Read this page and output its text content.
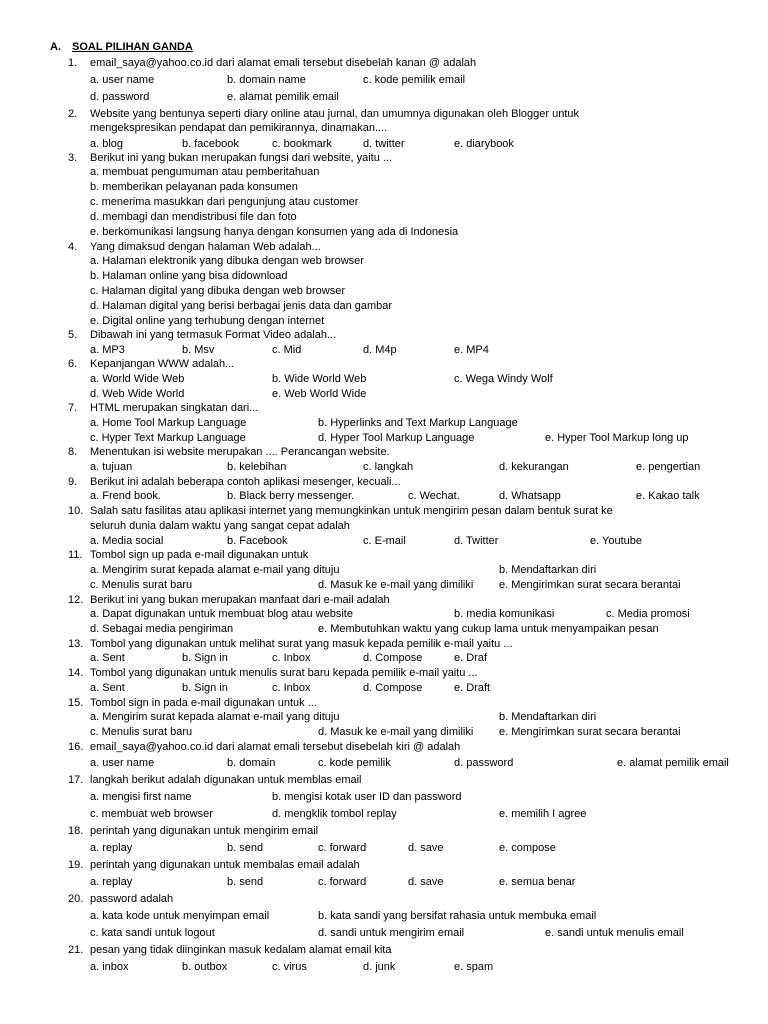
A. SOAL PILIHAN GANDA
1.	email_saya@yahoo.co.id dari alamat emali tersebut disebelah kanan @ adalah
a. user name	b. domain name	c. kode pemilik email
d. password	e. alamat pemilik email
2.	Website yang bentunya seperti diary online atau jurnal, dan umumnya digunakan oleh Blogger untuk
mengekspresikan pendapat dan pemikirannya, dinamakan....
a. blog	b. facebook	c. bookmark	d. twitter	e. diarybook
3.	Berikut ini yang bukan merupakan fungsi dari website, yaitu ...
a. membuat pengumuman atau pemberitahuan
b. memberikan pelayanan pada konsumen
c. menerima masukkan dari pengunjung atau customer
d. membagi dan mendistribusi file dan foto
e. berkomunikasi langsung hanya dengan konsumen yang ada di Indonesia
4.	Yang dimaksud dengan halaman Web adalah...
a. Halaman elektronik yang dibuka dengan web browser
b. Halaman online yang bisa didownload
c. Halaman digital yang dibuka dengan web browser
d. Halaman digital yang berisi berbagai jenis data dan gambar
e. Digital online yang terhubung dengan internet
5.	Dibawah ini yang termasuk Format Video adalah...
a. MP3	b. Msv	c. Mid	d. M4p	e. MP4
6.	Kepanjangan WWW adalah...
a. World Wide Web	b. Wide World Web	c. Wega Windy Wolf
d. Web Wide World	e. Web World Wide
7.	HTML merupakan singkatan dari...
a. Home Tool Markup Language	b. Hyperlinks and Text Markup Language
c. Hyper Text Markup Language	d. Hyper Tool Markup Language	e. Hyper Tool Markup long up
8.	Menentukan isi website merupakan .... Perancangan website.
a. tujuan	b. kelebihan	c. langkah	d. kekurangan	e. pengertian
9.	Berikut ini adalah beberapa contoh aplikasi mesenger, kecuali...
a. Frend book.	b. Black berry messenger.	c. Wechat.	d. Whatsapp	e. Kakao talk
10. Salah satu fasilitas atau aplikasi internet yang memungkinkan untuk mengirim pesan dalam bentuk surat ke
seluruh dunia dalam waktu yang sangat cepat adalah
a. Media social	b. Facebook	c. E-mail	d. Twitter	e. Youtube
11. Tombol sign up pada e-mail digunakan untuk
a. Mengirim surat kepada alamat e-mail yang dituju	b. Mendaftarkan diri
c. Menulis surat baru	d. Masuk ke e-mail yang dimiliki e. Mengirimkan surat secara berantai
12. Berikut ini yang bukan merupakan manfaat dari e-mail adalah
a. Dapat digunakan untuk membuat blog atau website	b. media komunikasi	c. Media promosi
d. Sebagai media pengiriman	e. Membutuhkan waktu yang cukup lama untuk menyampaikan pesan
13. Tombol yang digunakan untuk melihat surat yang masuk kepada pemilik e-mail yaitu ...
a. Sent	b. Sign in	c. Inbox	d. Compose	e. Draf
14. Tombol yang digunakan untuk menulis surat baru kepada pemilik e-mail yaitu ...
a. Sent	b. Sign in	c. Inbox	d. Compose	e. Draft
15. Tombol sign in pada e-mail digunakan untuk ...
a. Mengirim surat kepada alamat e-mail yang dituju	b. Mendaftarkan diri
c. Menulis surat baru	d. Masuk ke e-mail yang dimiliki e. Mengirimkan surat secara berantai
16. email_saya@yahoo.co.id dari alamat emali tersebut disebelah kiri @ adalah
a. user name	b. domain	c. kode pemilik	d. password	e. alamat pemilik email
17. langkah berikut adalah digunakan untuk memblas email
a. mengisi first name	b. mengisi kotak user ID dan password
c. membuat web browser	d. mengklik tombol replay	e. memilih I agree
18. perintah yang digunakan untuk mengirim email
a. replay	b. send	c. forward	d. save	e. compose
19. perintah yang digunakan untuk membalas email adalah
a. replay	b. send	c. forward	d. save	e. semua benar
20. password adalah
a. kata kode untuk menyimpan email	b. kata sandi yang bersifat rahasia untuk membuka email
c. kata sandi untuk logout	d. sandi untuk mengirim email	e. sandi untuk menulis email
21. pesan yang tidak diinginkan masuk kedalam alamat email kita
a. inbox	b. outbox	c. virus	d. junk	e. spam
